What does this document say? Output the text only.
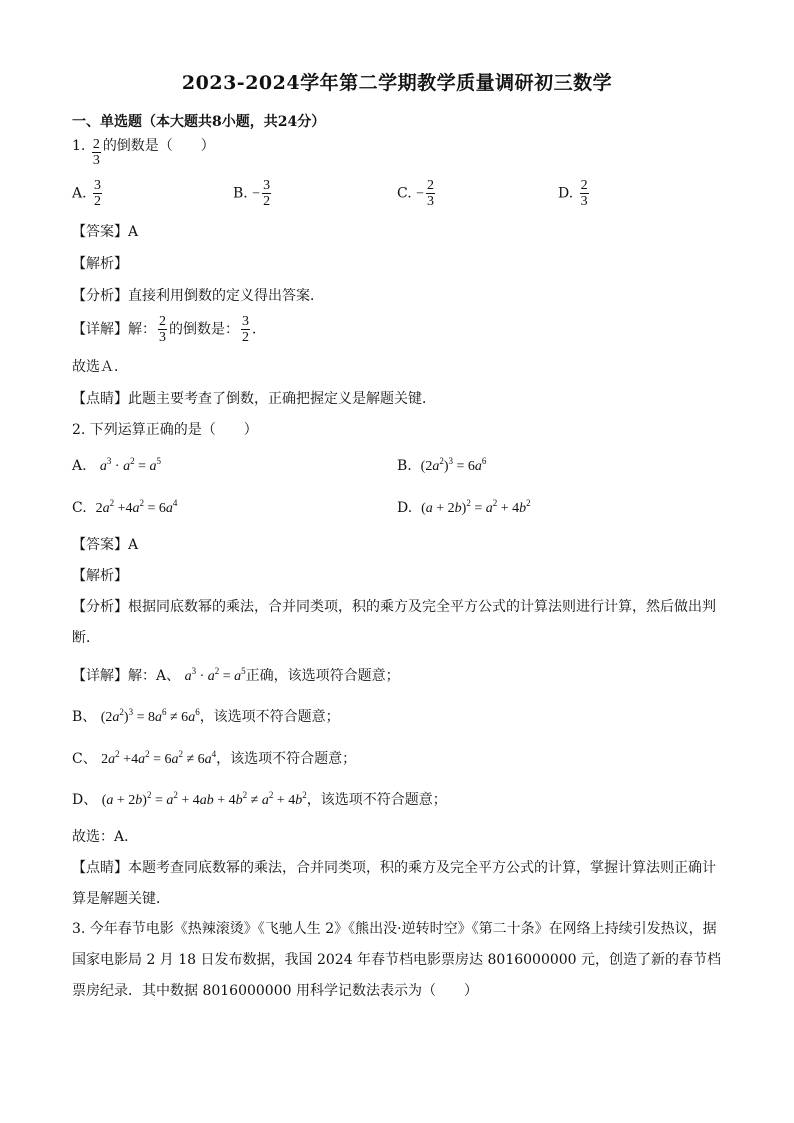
2023-2024学年第二学期教学质量调研初三数学
一、单选题（本大题共8小题，共24分）
1. $\frac{2}{3}$ 的倒数是（　　）
A. $\frac{3}{2}$	B. − $\frac{3}{2}$	C. − $\frac{2}{3}$	D. $\frac{2}{3}$
【答案】A
【解析】
【分析】直接利用倒数的定义得出答案．
【详解】解： $\frac{2}{3}$ 的倒数是： $\frac{3}{2}$ ．
故选Ａ．
【点睛】此题主要考查了倒数，正确把握定义是解题关键．
2. 下列运算正确的是（　　）
A. $a^3 \cdot a^2 = a^5$	B. $(2a^2)^3 = 6a^6$
C. $2a^2 +4a^2 = 6a^4$	D. $(a + 2b)^2 = a^2 + 4b^2$
【答案】A
【解析】
【分析】根据同底数幂的乘法，合并同类项，积的乘方及完全平方公式的计算法则进行计算，然后做出判断．
【详解】解：A、 $a^3 \cdot a^2 = a^5$正确，该选项符合题意；
B、 $(2a^2)^3 = 8a^6 \ne 6a^6$，该选项不符合题意；
C、 $2a^2 +4a^2 = 6a^2 \ne 6a^4$，该选项不符合题意；
D、 $(a + 2b)^2 = a^2 + 4ab + 4b^2 \ne a^2 + 4b^2$，该选项不符合题意；
故选：A．
【点睛】本题考查同底数幂的乘法，合并同类项，积的乘方及完全平方公式的计算，掌握计算法则正确计算是解题关键．
3. 今年春节电影《热辣滚烫》《飞驰人生 2》《熊出没·逆转时空》《第二十条》在网络上持续引发热议，据国家电影局 2 月 18 日发布数据，我国 2024 年春节档电影票房达 8016000000 元，创造了新的春节档票房纪录．其中数据 8016000000 用科学记数法表示为（　　）
